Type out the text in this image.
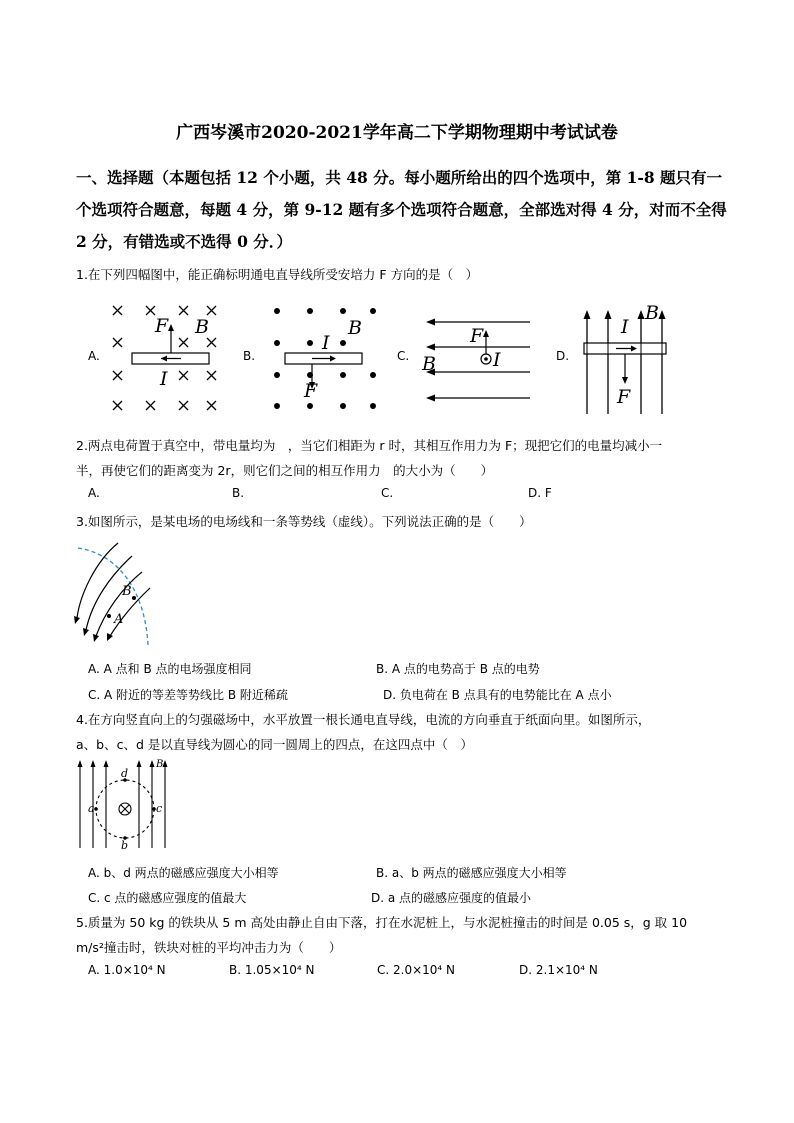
广西岑溪市2020-2021学年高二下学期物理期中考试试卷
一、选择题（本题包括 12 个小题，共 48 分。每小题所给出的四个选项中，第 1-8 题只有一
个选项符合题意，每题 4 分，第 9-12 题有多个选项符合题意，全部选对得 4 分，对而不全得
2 分，有错选或不选得 0 分．）
1.在下列四幅图中，能正确标明通电直导线所受安培力 F 方向的是（　）
A.	B.	C.	D.
F B
I
I
B
F
F
I
B
I
B
F
2.两点电荷置于真空中，带电量均为　，当它们相距为 r 时，其相互作用力为 F；现把它们的电量均减小一
半，再使它们的距离变为 2r，则它们之间的相互作用力　的大小为（　　）
A.	B.	C.	D. F
3.如图所示，是某电场的电场线和一条等势线（虚线）。下列说法正确的是（　　）
B
A
A. A 点和 B 点的电场强度相同	B. A 点的电势高于 B 点的电势
C. A 附近的等差等势线比 B 附近稀疏	D. 负电荷在 B 点具有的电势能比在 A 点小
4.在方向竖直向上的匀强磁场中，水平放置一根长通电直导线，电流的方向垂直于纸面向里。如图所示，
a、b、c、d 是以直导线为圆心的同一圆周上的四点，在这四点中（　）
d
b
a	c
B
A. b、d 两点的磁感应强度大小相等	B. a、b 两点的磁感应强度大小相等
C. c 点的磁感应强度的值最大	D. a 点的磁感应强度的值最小
5.质量为 50 kg 的铁块从 5 m 高处由静止自由下落，打在水泥桩上，与水泥桩撞击的时间是 0.05 s，g 取 10
m/s²撞击时，铁块对桩的平均冲击力为（　　）
A. 1.0×10⁴ N	B. 1.05×10⁴ N	C. 2.0×10⁴ N	D. 2.1×10⁴ N
